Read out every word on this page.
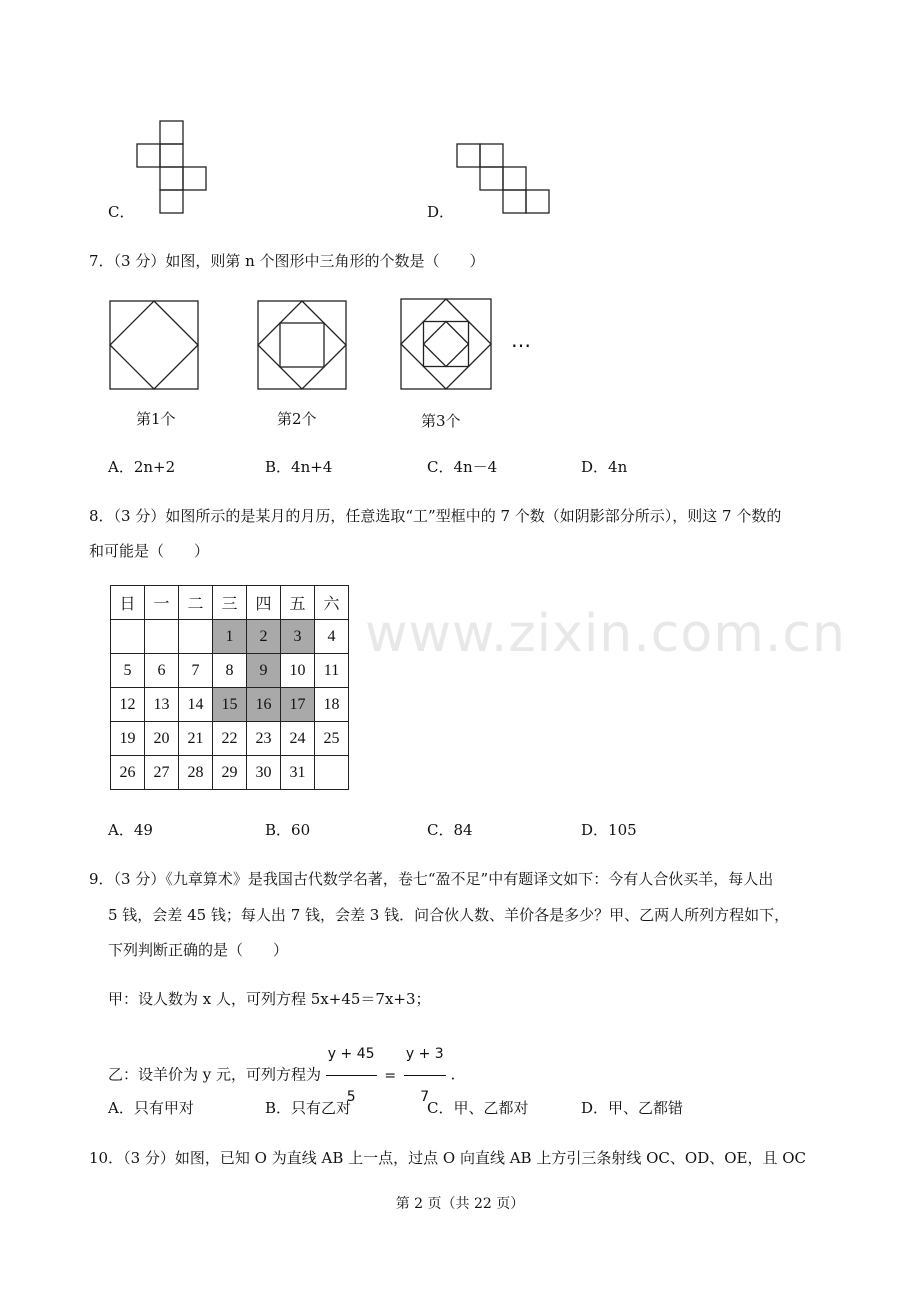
www.zixin.com.cn
C．	D．
7．（3 分）如图，则第 n 个图形中三角形的个数是（　　）
…
第1个	第2个	第3个
A．2n+2	B．4n+4	C．4n－4	D．4n
8．（3 分）如图所示的是某月的月历，任意选取“工”型框中的 7 个数（如阴影部分所示），则这 7 个数的
和可能是（　　）
日	一	二	三	四	五	六
			1	2	3	4
5	6	7	8	9	10	11
12	13	14	15	16	17	18
19	20	21	22	23	24	25
26	27	28	29	30	31	
A．49	B．60	C．84	D．105
9．（3 分）《九章算术》是我国古代数学名著，卷七“盈不足”中有题译文如下：今有人合伙买羊，每人出
5 钱，会差 45 钱；每人出 7 钱，会差 3 钱．问合伙人数、羊价各是多少？甲、乙两人所列方程如下，
下列判断正确的是（　　）
甲：设人数为 x 人，可列方程 5x+45＝7x+3；
乙：设羊价为 y 元，可列方程为 $\frac{y + 45}{5} = \frac{y + 3}{7}$ .
A．只有甲对	B．只有乙对	C．甲、乙都对	D．甲、乙都错
10．（3 分）如图，已知 O 为直线 AB 上一点，过点 O 向直线 AB 上方引三条射线 OC、OD、OE，且 OC
第 2 页（共 22 页）
